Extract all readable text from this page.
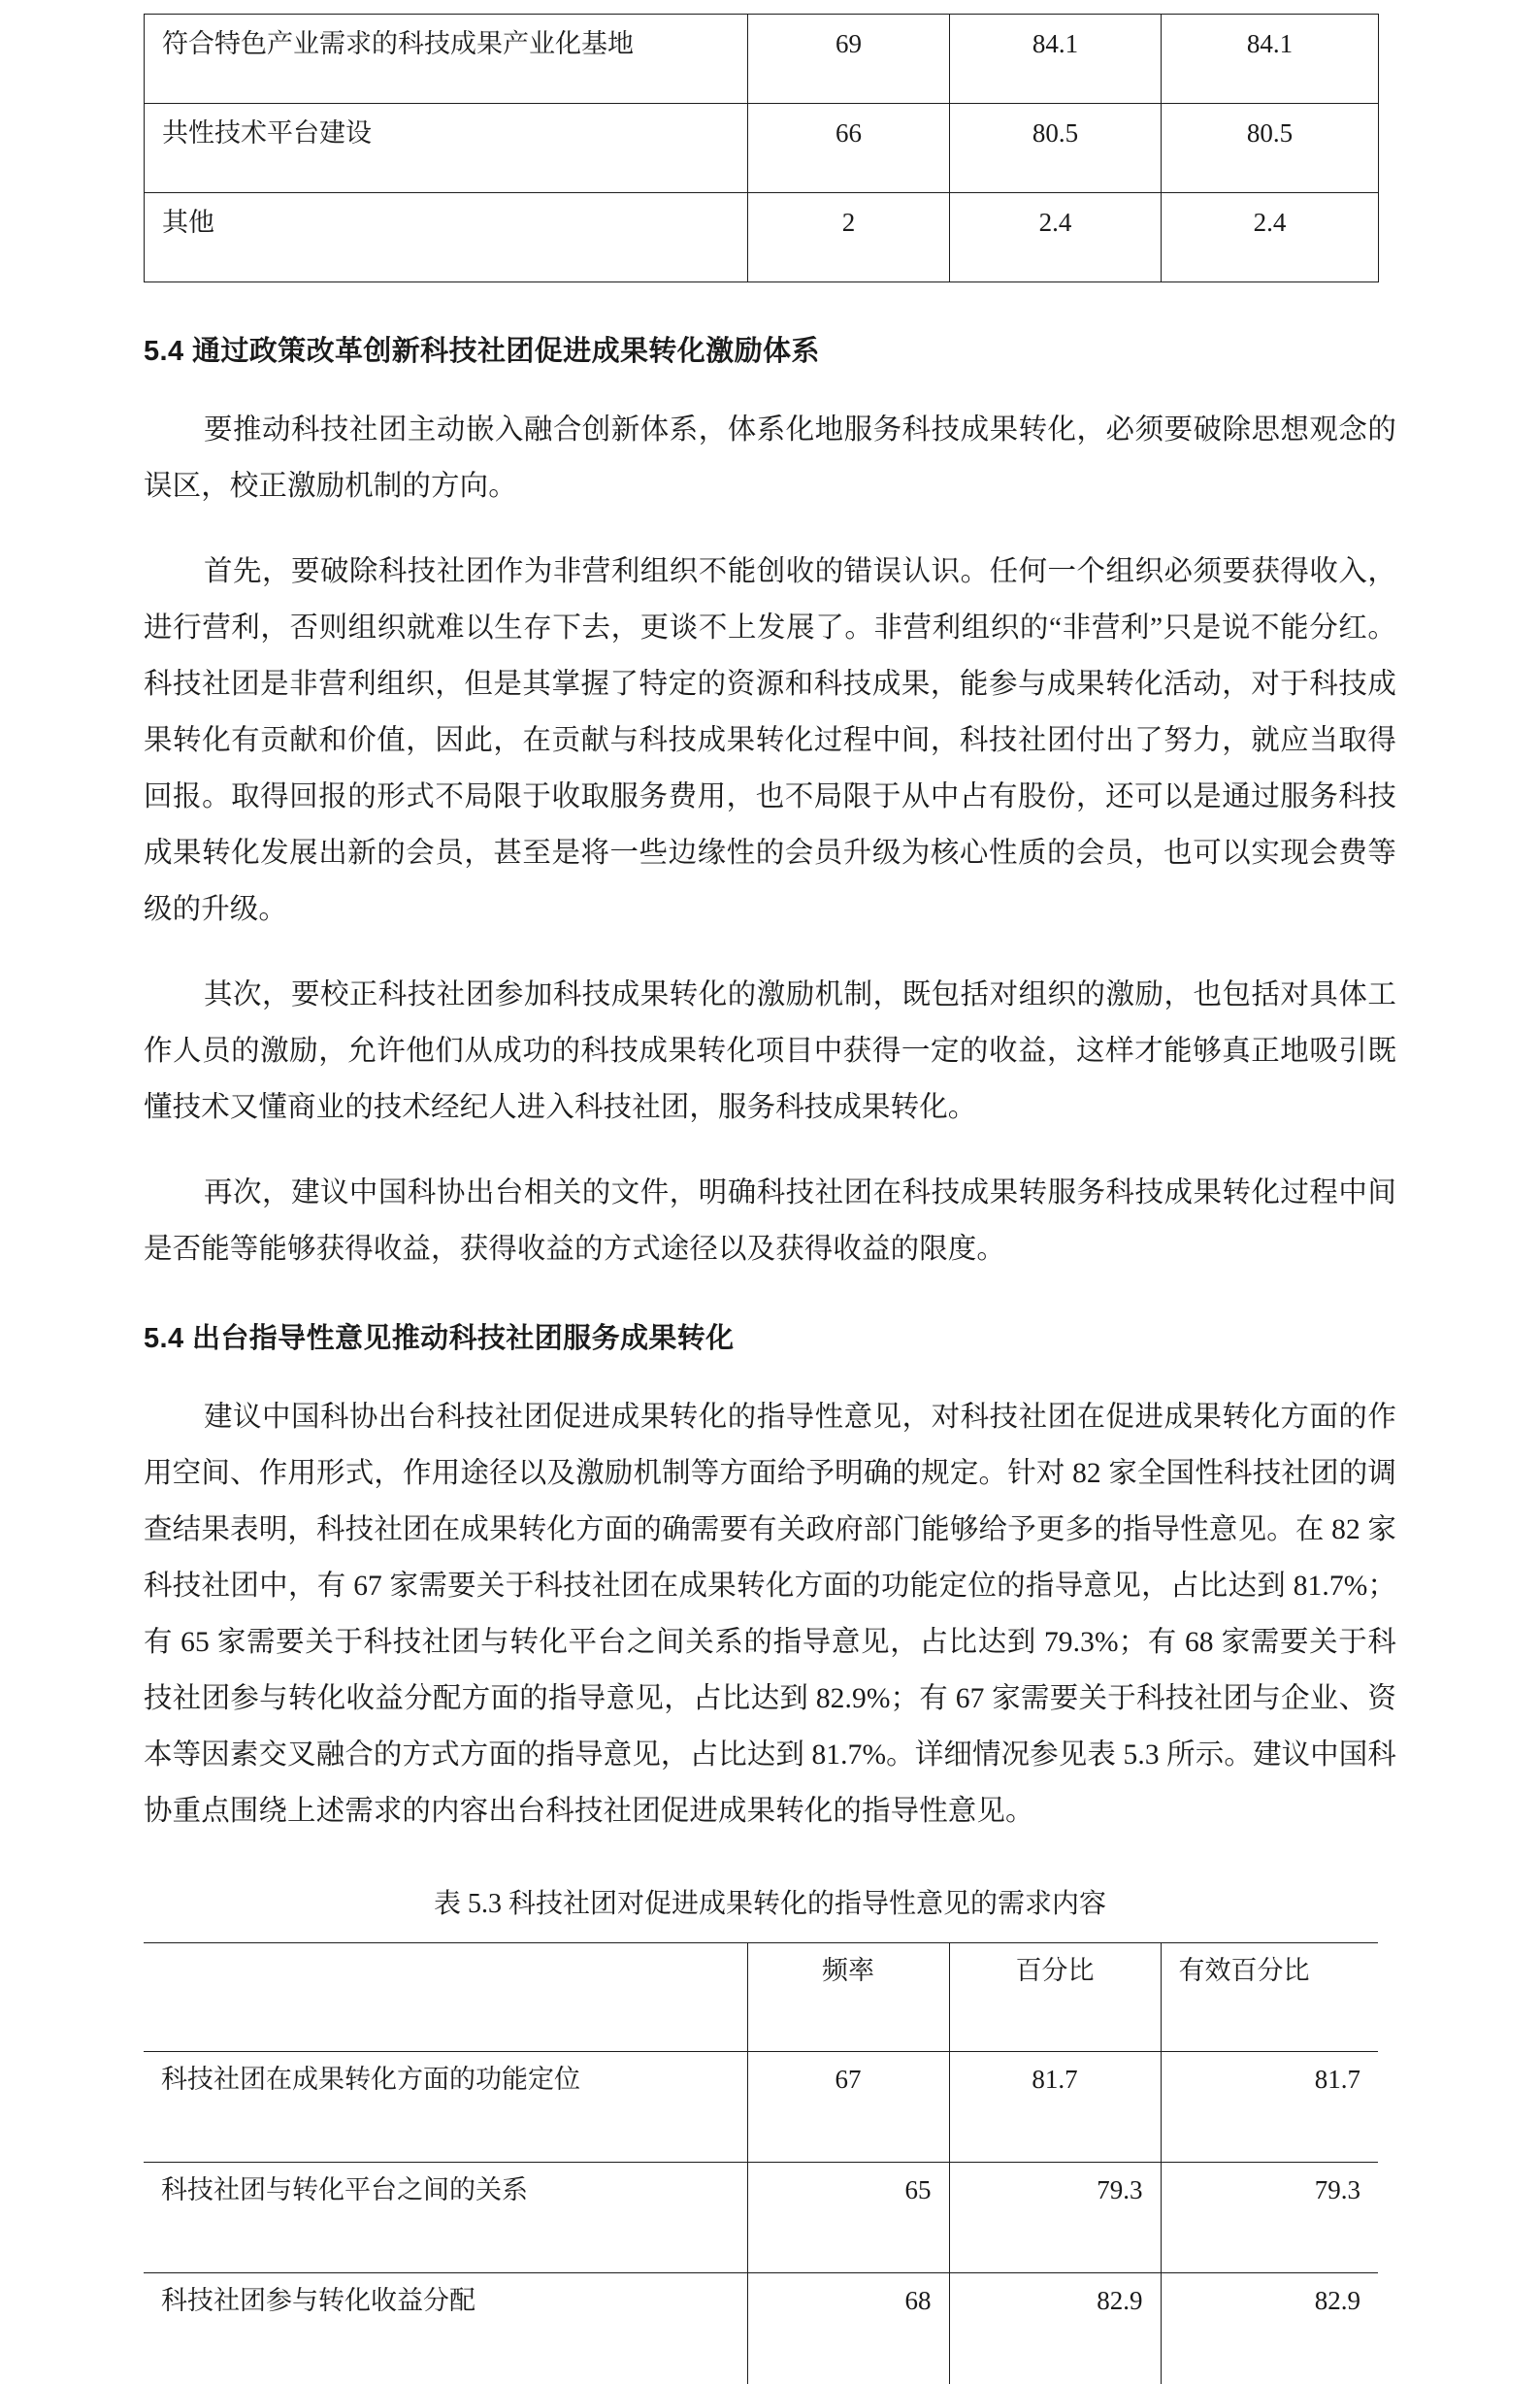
符合特色产业需求的科技成果产业化基地	69	84.1	84.1
共性技术平台建设	66	80.5	80.5
其他	2	2.4	2.4
5.4 通过政策改革创新科技社团促进成果转化激励体系

要推动科技社团主动嵌入融合创新体系，体系化地服务科技成果转化，必须要破除思想观念的误区，校正激励机制的方向。

首先，要破除科技社团作为非营利组织不能创收的错误认识。任何一个组织必须要获得收入，进行营利，否则组织就难以生存下去，更谈不上发展了。非营利组织的“非营利”只是说不能分红。科技社团是非营利组织，但是其掌握了特定的资源和科技成果，能参与成果转化活动，对于科技成果转化有贡献和价值，因此，在贡献与科技成果转化过程中间，科技社团付出了努力，就应当取得回报。取得回报的形式不局限于收取服务费用，也不局限于从中占有股份，还可以是通过服务科技成果转化发展出新的会员，甚至是将一些边缘性的会员升级为核心性质的会员，也可以实现会费等级的升级。

其次，要校正科技社团参加科技成果转化的激励机制，既包括对组织的激励，也包括对具体工作人员的激励，允许他们从成功的科技成果转化项目中获得一定的收益，这样才能够真正地吸引既懂技术又懂商业的技术经纪人进入科技社团，服务科技成果转化。

再次，建议中国科协出台相关的文件，明确科技社团在科技成果转服务科技成果转化过程中间是否能等能够获得收益，获得收益的方式途径以及获得收益的限度。

5.4 出台指导性意见推动科技社团服务成果转化

建议中国科协出台科技社团促进成果转化的指导性意见，对科技社团在促进成果转化方面的作用空间、作用形式，作用途径以及激励机制等方面给予明确的规定。针对 82 家全国性科技社团的调查结果表明，科技社团在成果转化方面的确需要有关政府部门能够给予更多的指导性意见。在 82 家科技社团中，有 67 家需要关于科技社团在成果转化方面的功能定位的指导意见，占比达到 81.7%；有 65 家需要关于科技社团与转化平台之间关系的指导意见，占比达到 79.3%；有 68 家需要关于科技社团参与转化收益分配方面的指导意见，占比达到 82.9%；有 67 家需要关于科技社团与企业、资本等因素交叉融合的方式方面的指导意见，占比达到 81.7%。详细情况参见表 5.3 所示。建议中国科协重点围绕上述需求的内容出台科技社团促进成果转化的指导性意见。

表 5.3 科技社团对促进成果转化的指导性意见的需求内容

	频率	百分比	有效百分比
科技社团在成果转化方面的功能定位	67	81.7	81.7
科技社团与转化平台之间的关系	65	79.3	79.3
科技社团参与转化收益分配	68	82.9	82.9
